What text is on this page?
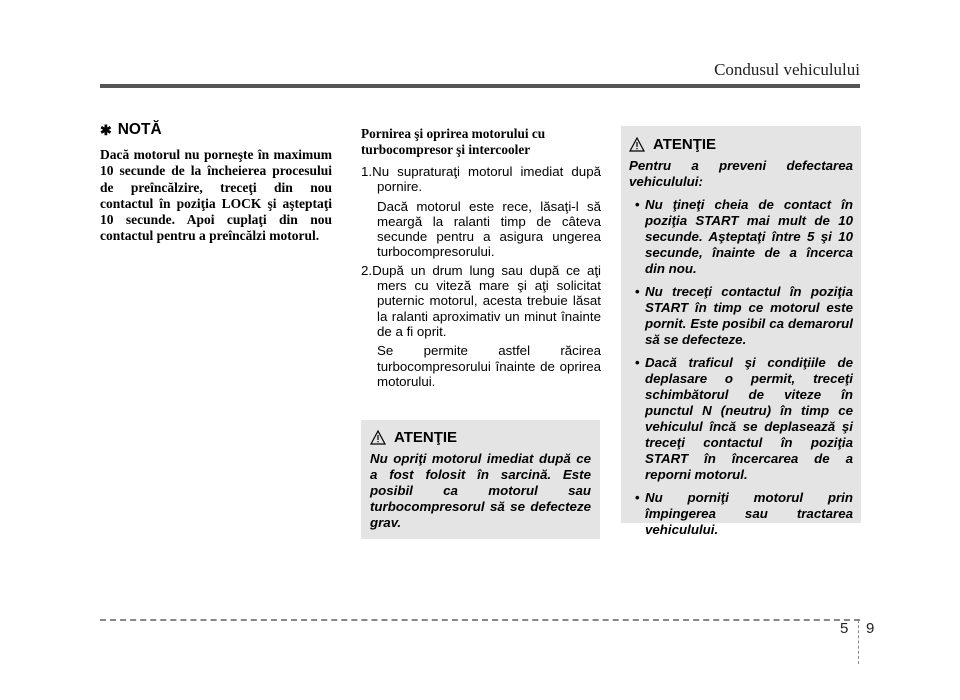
Condusul vehiculului
✱ NOTĂ
Dacă motorul nu porneşte în maximum 10 secunde de la încheierea procesului de preîncălzire, treceţi din nou contactul în poziţia LOCK şi aşteptaţi 10 secunde. Apoi cuplaţi din nou contactul pentru a preîncălzi motorul.
Pornirea şi oprirea motorului cu turbocompresor şi intercooler
1.Nu supraturaţi motorul imediat după pornire.
Dacă motorul este rece, lăsaţi-l să meargă la ralanti timp de câteva secunde pentru a asigura ungerea turbocompresorului.
2.După un drum lung sau după ce aţi mers cu viteză mare şi aţi solicitat puternic motorul, acesta trebuie lăsat la ralanti aproximativ un minut înainte de a fi oprit.
Se permite astfel răcirea turbocompresorului înainte de oprirea motorului.
ATENŢIE
Nu opriţi motorul imediat după ce a fost folosit în sarcină. Este posibil ca motorul sau turbocompresorul să se defecteze grav.
ATENŢIE
Pentru a preveni defectarea vehiculului:
• Nu ţineţi cheia de contact în poziţia START mai mult de 10 secunde. Aşteptaţi între 5 şi 10 secunde, înainte de a încerca din nou.
• Nu treceţi contactul în poziţia START în timp ce motorul este pornit. Este posibil ca demarorul să se defecteze.
• Dacă traficul şi condiţiile de deplasare o permit, treceţi schimbătorul de viteze în punctul N (neutru) în timp ce vehiculul încă se deplasează şi treceţi contactul în poziţia START în încercarea de a reporni motorul.
• Nu porniţi motorul prin împingerea sau tractarea vehiculului.
5 9
